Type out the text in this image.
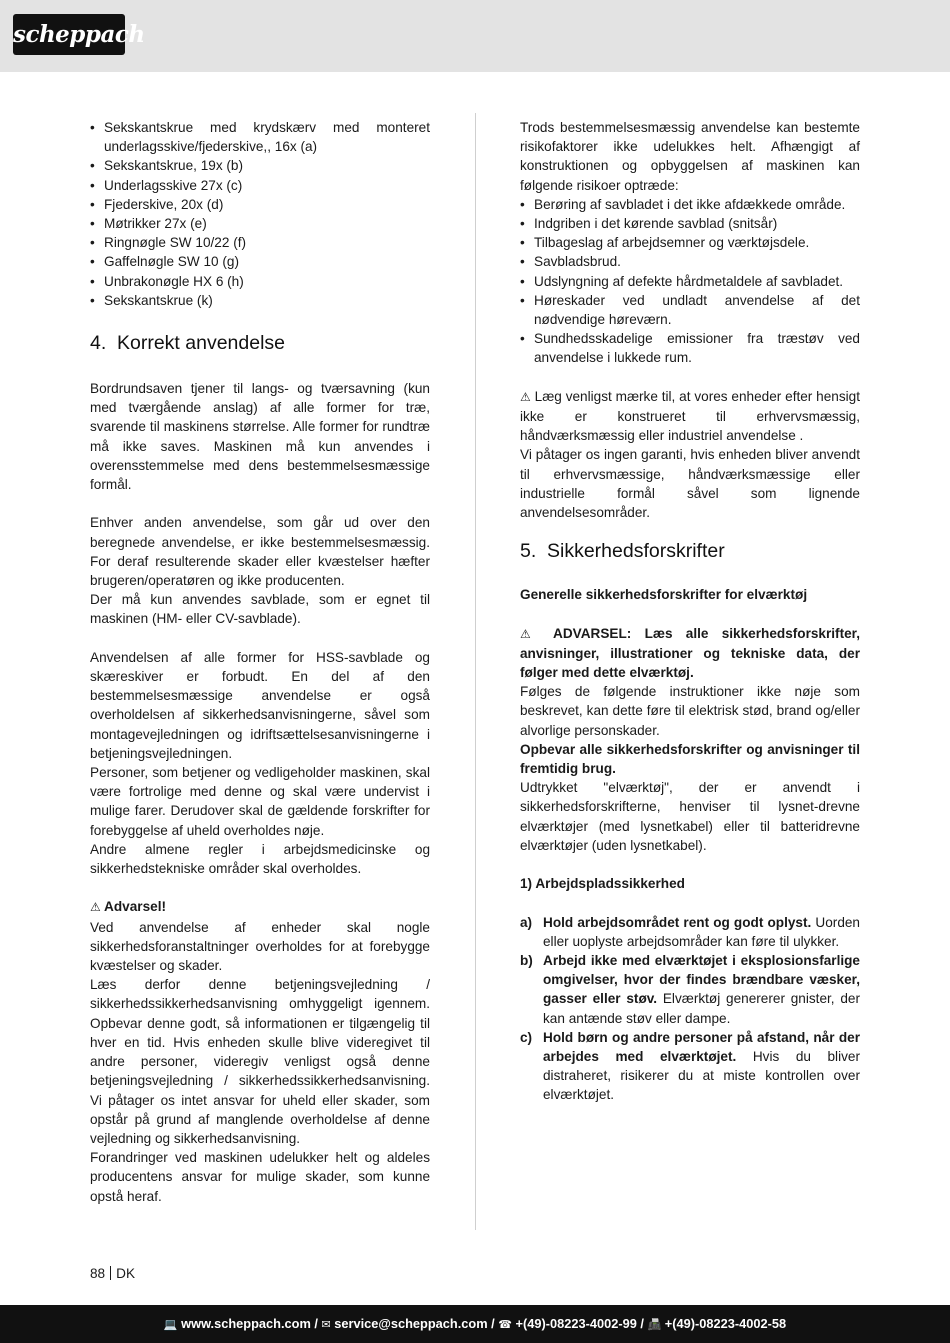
scheppach
• Sekskantskrue med krydskærv med monteret underlagsskive/fjederskive,, 16x (a)
• Sekskantskrue, 19x (b)
• Underlagsskive 27x (c)
• Fjederskive, 20x (d)
• Møtrikker 27x (e)
• Ringnøgle SW 10/22 (f)
• Gaffelnøgle SW 10 (g)
• Unbrakonøgle HX 6 (h)
• Sekskantskrue (k)
4. Korrekt anvendelse

Bordrundsaven tjener til langs- og tværsavning (kun med tværgående anslag) af alle former for træ, svarende til maskinens størrelse. Alle former for rundtræ må ikke saves. Maskinen må kun anvendes i overensstemmelse med dens bestemmelsesmæssige formål.

Enhver anden anvendelse, som går ud over den beregnede anvendelse, er ikke bestemmelsesmæssig. For deraf resulterende skader eller kvæstelser hæfter brugeren/operatøren og ikke producenten.

Der må kun anvendes savblade, som er egnet til maskinen (HM- eller CV-savblade).

Anvendelsen af alle former for HSS-savblade og skæreskiver er forbudt. En del af den bestemmelsesmæssige anvendelse er også overholdelsen af sikkerhedsanvisningerne, såvel som montagevejledningen og idriftsættelsesanvisningerne i betjeningsvejledningen.

Personer, som betjener og vedligeholder maskinen, skal være fortrolige med denne og skal være undervist i mulige farer. Derudover skal de gældende forskrifter for forebyggelse af uheld overholdes nøje.

Andre almene regler i arbejdsmedicinske og sikkerhedstekniske områder skal overholdes.

⚠ Advarsel!

Ved anvendelse af enheder skal nogle sikkerhedsforanstaltninger overholdes for at forebygge kvæstelser og skader.

Læs derfor denne betjeningsvejledning / sikkerhedssikkerhedsanvisning omhyggeligt igennem. Opbevar denne godt, så informationen er tilgængelig til hver en tid. Hvis enheden skulle blive videregivet til andre personer, videregiv venligst også denne betjeningsvejledning / sikkerhedssikkerhedsanvisning. Vi påtager os intet ansvar for uheld eller skader, som opstår på grund af manglende overholdelse af denne vejledning og sikkerhedsanvisning.

Forandringer ved maskinen udelukker helt og aldeles producentens ansvar for mulige skader, som kunne opstå heraf.

Trods bestemmelsesmæssig anvendelse kan bestemte risikofaktorer ikke udelukkes helt. Afhængigt af konstruktionen og opbyggelsen af maskinen kan følgende risikoer optræde:

• Berøring af savbladet i det ikke afdækkede område.
• Indgriben i det kørende savblad (snitsår)
• Tilbageslag af arbejdsemner og værktøjsdele.
• Savbladsbrud.
• Udslyngning af defekte hårdmetaldele af savbladet.
• Høreskader ved undladt anvendelse af det nødvendige høreværn.
• Sundhedsskadelige emissioner fra træstøv ved anvendelse i lukkede rum.

⚠ Læg venligst mærke til, at vores enheder efter hensigt ikke er konstrueret til erhvervsmæssig, håndværksmæssig eller industriel anvendelse .

Vi påtager os ingen garanti, hvis enheden bliver anvendt til erhvervsmæssige, håndværksmæssige eller industrielle formål såvel som lignende anvendelsesområder.

5. Sikkerhedsforskrifter

Generelle sikkerhedsforskrifter for elværktøj

⚠ ADVARSEL: Læs alle sikkerhedsforskrifter, anvisninger, illustrationer og tekniske data, der følger med dette elværktøj.

Følges de følgende instruktioner ikke nøje som beskrevet, kan dette føre til elektrisk stød, brand og/eller alvorlige personskader.

Opbevar alle sikkerhedsforskrifter og anvisninger til fremtidig brug.

Udtrykket "elværktøj", der er anvendt i sikkerhedsforskrifterne, henviser til lysnet-drevne elværktøjer (med lysnetkabel) eller til batteridrevne elværktøjer (uden lysnetkabel).

1) Arbejdspladssikkerhed

a) Hold arbejdsområdet rent og godt oplyst. Uorden eller uoplyste arbejdsområder kan føre til ulykker.
b) Arbejd ikke med elværktøjet i eksplosionsfarlige omgivelser, hvor der findes brændbare væsker, gasser eller støv. Elværktøj genererer gnister, der kan antænde støv eller dampe.
c) Hold børn og andre personer på afstand, når der arbejdes med elværktøjet. Hvis du bliver distraheret, risikerer du at miste kontrollen over elværktøjet.
88 DK
💻 www.scheppach.com / ✉ service@scheppach.com / ☎ +(49)-08223-4002-99 / 📠 +(49)-08223-4002-58
